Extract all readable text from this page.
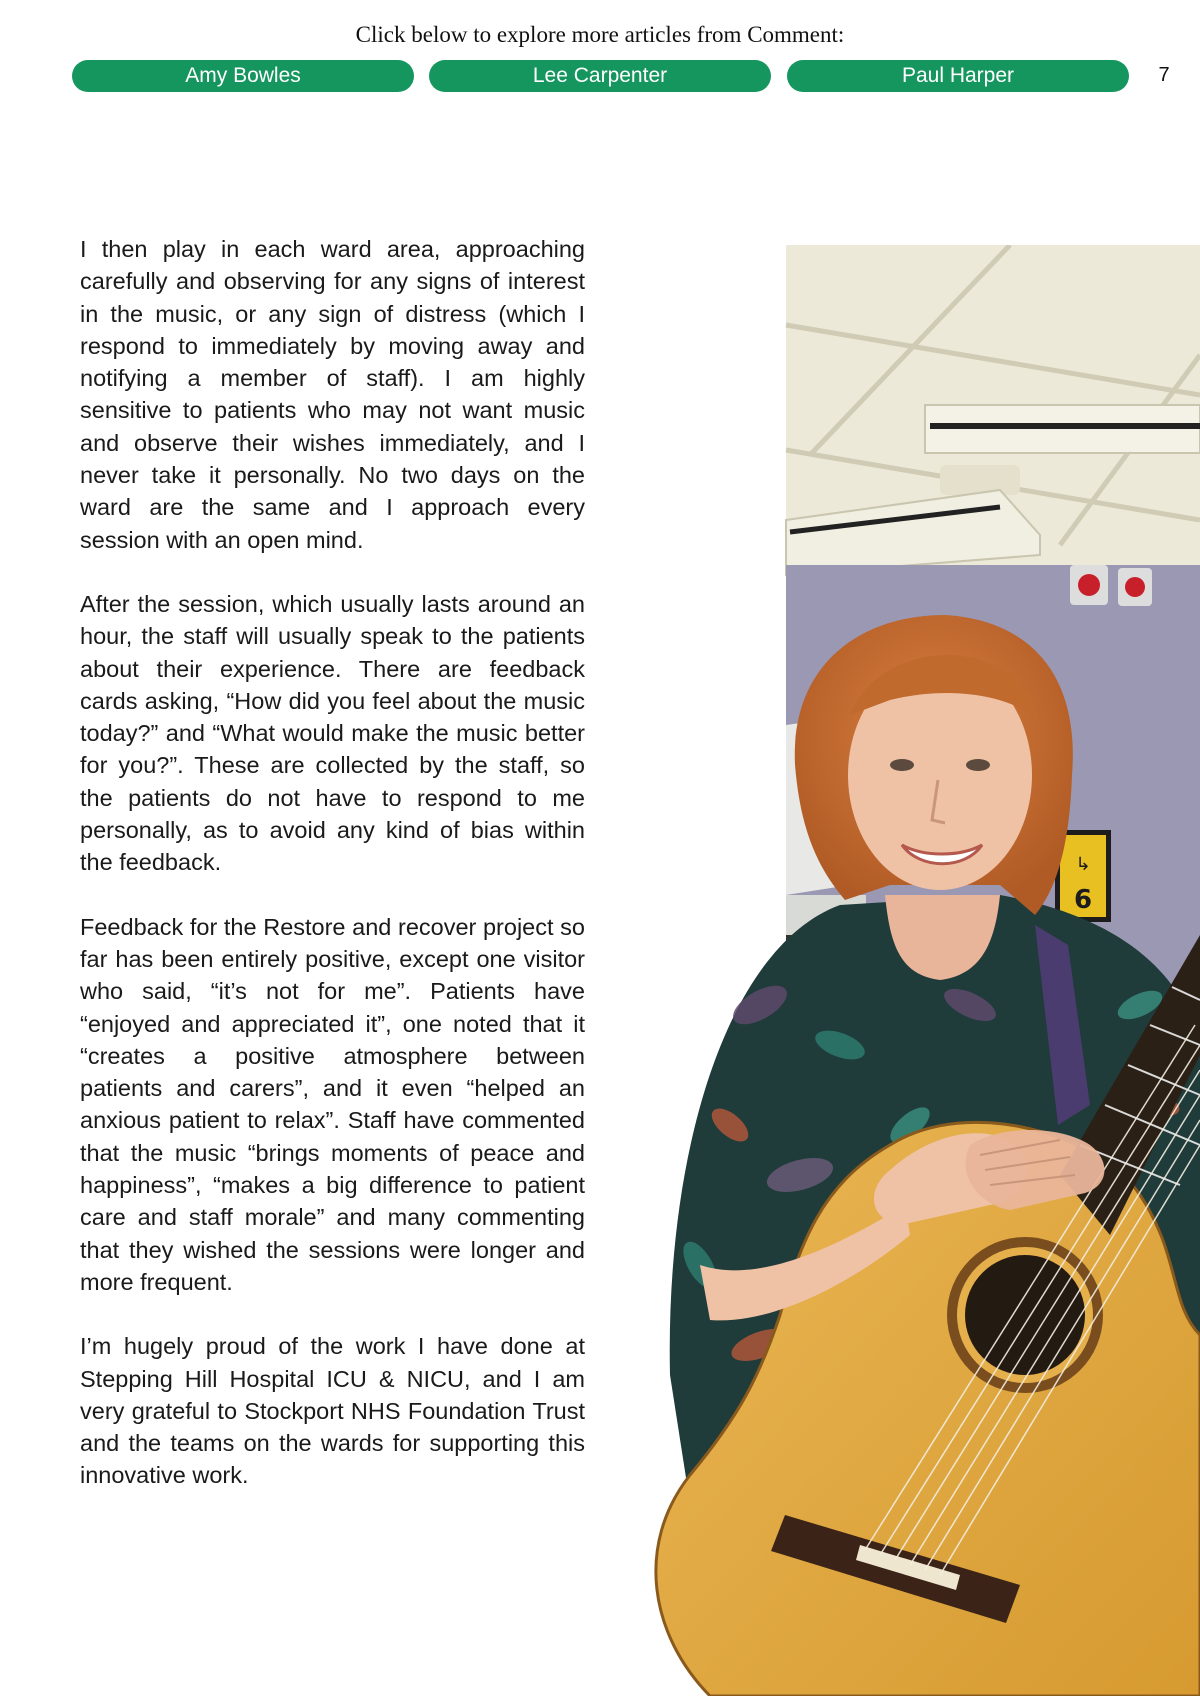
Click below to explore more articles from Comment:
Amy Bowles	Lee Carpenter	Paul Harper	7

I then play in each ward area, approaching carefully and observing for any signs of interest in the music, or any sign of distress (which I respond to immediately by moving away and notifying a member of staff). I am highly sensitive to patients who may not want music and observe their wishes immediately, and I never take it personally. No two days on the ward are the same and I approach every session with an open mind.

After the session, which usually lasts around an hour, the staff will usually speak to the patients about their experience. There are feedback cards asking, “How did you feel about the music today?” and “What would make the music better for you?”. These are collected by the staff, so the patients do not have to respond to me personally, as to avoid any kind of bias within the feedback.

Feedback for the Restore and recover project so far has been entirely positive, except one visitor who said, “it’s not for me”. Patients have “enjoyed and appreciated it”, one noted that it “creates a positive atmosphere between patients and carers”, and it even “helped an anxious patient to relax”. Staff have commented that the music “brings moments of peace and happiness”, “makes a big difference to patient care and staff morale” and many commenting that they wished the sessions were longer and more frequent.

I’m hugely proud of the work I have done at Stepping Hill Hospital ICU & NICU, and I am very grateful to Stockport NHS Foundation Trust and the teams on the wards for supporting this innovative work.

↳
6
